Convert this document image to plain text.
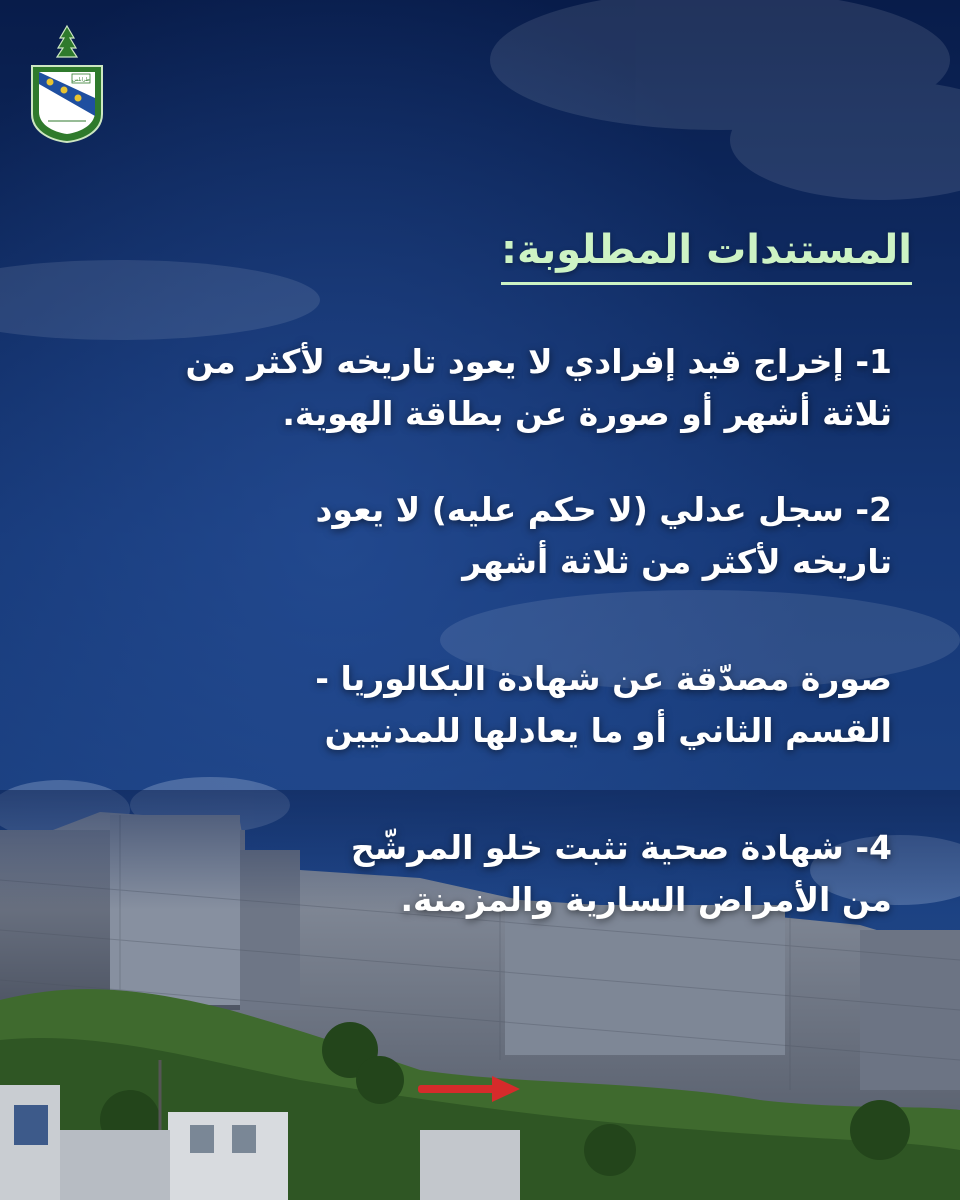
طرابلس
المستندات المطلوبة:

1- إخراج قيد إفرادي لا يعود تاريخه لأكثر من
ثلاثة أشهر أو صورة عن بطاقة الهوية.

2- سجل عدلي (لا حكم عليه) لا يعود
تاريخه لأكثر من ثلاثة أشهر

صورة مصدّقة عن شهادة البكالوريا -
القسم الثاني أو ما يعادلها للمدنيين

4- شهادة صحية تثبت خلو المرشّح
من الأمراض السارية والمزمنة.
